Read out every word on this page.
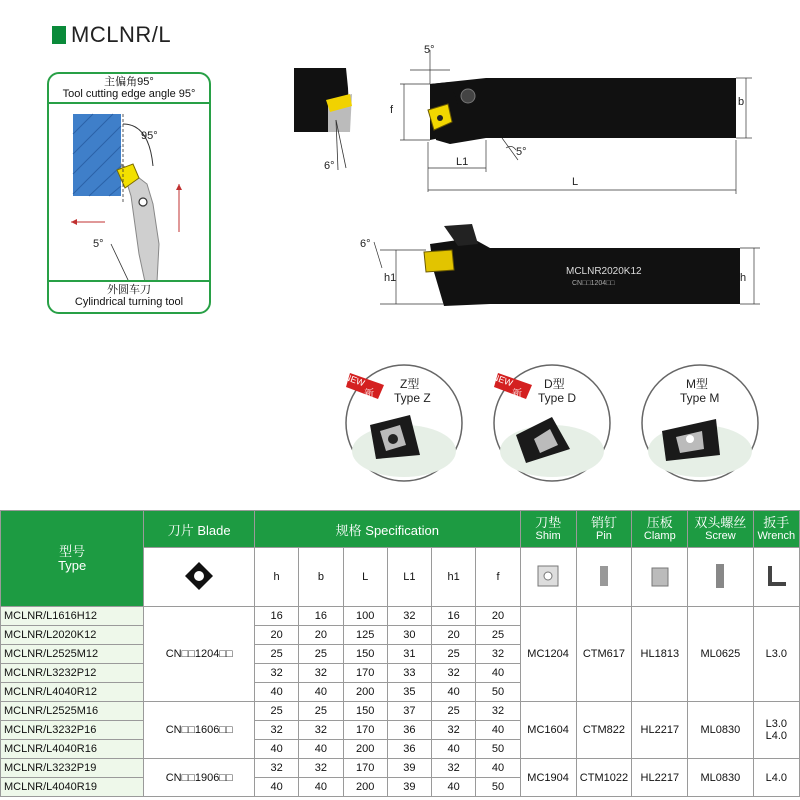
MCLNR/L
主偏角95°
Tool cutting edge angle 95°
95°
5°
外圆车刀
Cylindrical turning tool
5°
f
b
L1
L
5°
6°
6°
h1	h
MCLNR2020K12
CN□□1204□□
NEW
新
Z型
Type Z
NEW
新
D型
Type D
M型
Type M
型号
Type	刀片 Blade	规格 Specification						刀垫
Shim	销钉
Pin	压板
Clamp	双头螺丝
Screw	扳手
Wrench

	h	b	L	L1	h1	f					

MCLNR/L1616H12	CN□□1204□□	16	16	100	32	16	20	MC1204	CTM617	HL1813	ML0625	L3.0
MCLNR/L2020K12		20	20	125	30	20	25					
MCLNR/L2525M12		25	25	150	31	25	32					
MCLNR/L3232P12		32	32	170	33	32	40					
MCLNR/L4040R12		40	40	200	35	40	50					
MCLNR/L2525M16	CN□□1606□□	25	25	150	37	25	32	MC1604	CTM822	HL2217	ML0830	L3.0
L4.0

MCLNR/L3232P16		32	32	170	36	32	40					
MCLNR/L4040R16		40	40	200	36	40	50					
MCLNR/L3232P19	CN□□1906□□	32	32	170	39	32	40	MC1904	CTM1022	HL2217	ML0830	L4.0
MCLNR/L4040R19		40	40	200	39	40	50					
